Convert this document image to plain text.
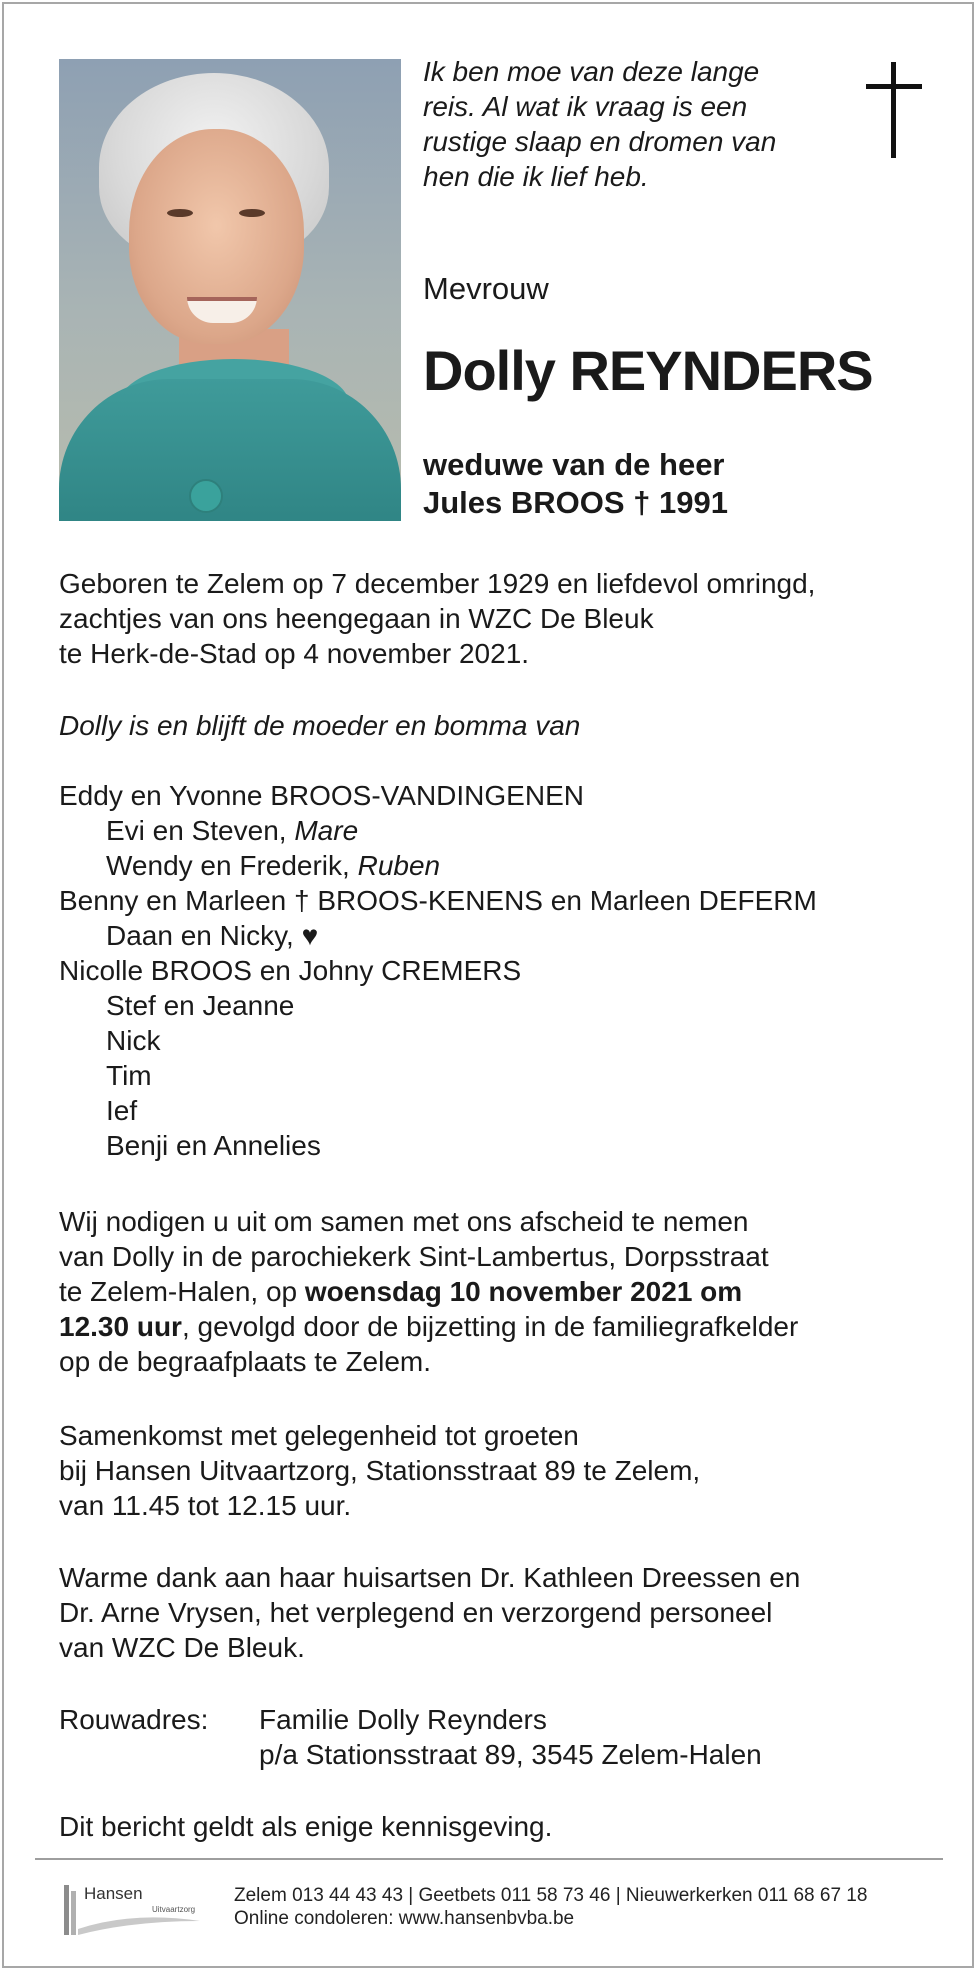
Ik ben moe van deze lange
reis. Al wat ik vraag is een
rustige slaap en dromen van
hen die ik lief heb.

Mevrouw

Dolly REYNDERS

weduwe van de heer
Jules BROOS † 1991

Geboren te Zelem op 7 december 1929 en liefdevol omringd,
zachtjes van ons heengegaan in WZC De Bleuk
te Herk-de-Stad op 4 november 2021.

Dolly is en blijft de moeder en bomma van

Eddy en Yvonne BROOS-VANDINGENEN
Evi en Steven, Mare
Wendy en Frederik, Ruben
Benny en Marleen † BROOS-KENENS en Marleen DEFERM
Daan en Nicky, ♥
Nicolle BROOS en Johny CREMERS
Stef en Jeanne
Nick
Tim
Ief
Benji en Annelies

Wij nodigen u uit om samen met ons afscheid te nemen
van Dolly in de parochiekerk Sint-Lambertus, Dorpsstraat
te Zelem-Halen, op woensdag 10 november 2021 om
12.30 uur, gevolgd door de bijzetting in de familiegrafkelder
op de begraafplaats te Zelem.

Samenkomst met gelegenheid tot groeten
bij Hansen Uitvaartzorg, Stationsstraat 89 te Zelem,
van 11.45 tot 12.15 uur.

Warme dank aan haar huisartsen Dr. Kathleen Dreessen en
Dr. Arne Vrysen, het verplegend en verzorgend personeel
van WZC De Bleuk.

Rouwadres:	Familie Dolly Reynders
p/a Stationsstraat 89, 3545 Zelem-Halen

Dit bericht geldt als enige kennisgeving.

Hansen
Uitvaartzorg

Zelem 013 44 43 43 | Geetbets 011 58 73 46 | Nieuwerkerken 011 68 67 18

Online condoleren: www.hansenbvba.be
